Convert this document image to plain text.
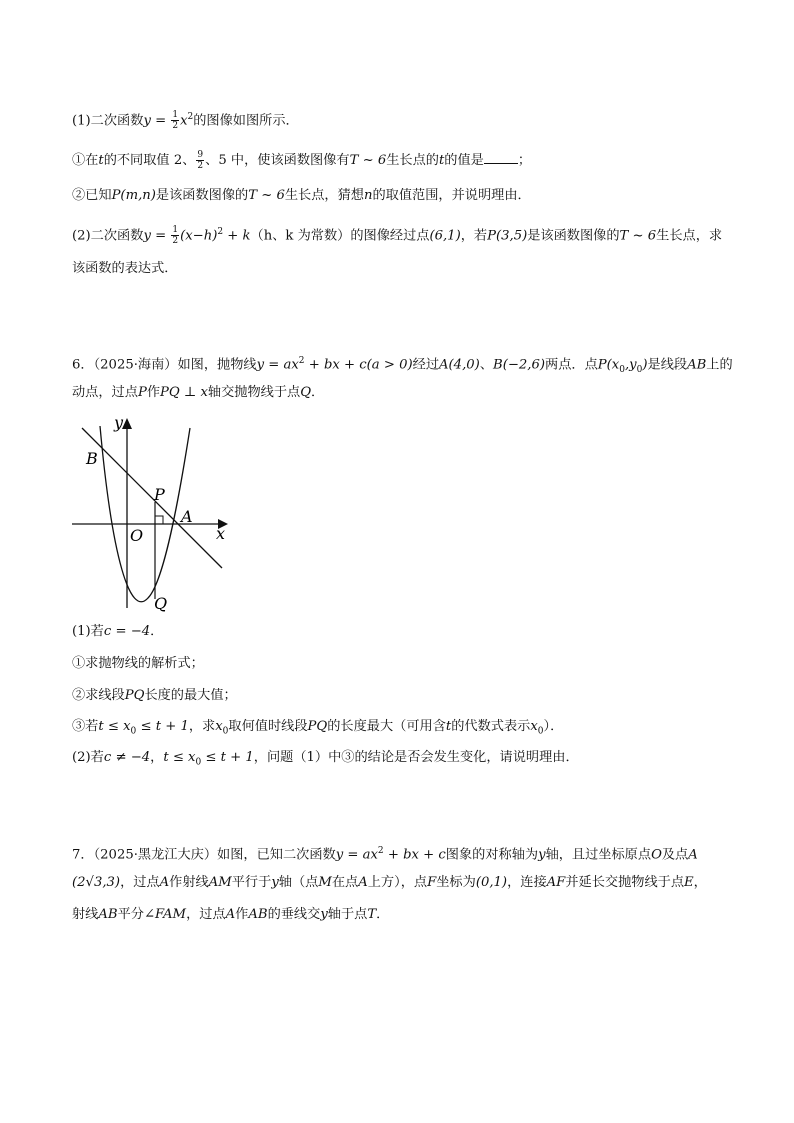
(1)二次函数$y = \frac{1}{2} x^2$的图像如图所示．
①在t的不同取值 2、 $\frac{9}{2}$ 、5 中，使该函数图像有T ~ 6生长点的t的值是	；
②已知P(m,n)是该函数图像的T ~ 6生长点，猜想n的取值范围，并说明理由．
(2)二次函数$y = \frac{1}{2} (x-h)^2 + k(h$、k 为常数）的图像经过点(6,1)，若P(3,5)是该函数图像的T ~ 6生长点，求
该函数的表达式．
6．（2025·海南）如图，抛物线$y = ax^2$ + bx + c(a > 0)经过A(4,0)、B(−2,6)两点．点$P(x_0,y_0)$是线段AB上的
动点，过点P作PQ ⊥ x轴交抛物线于点Q．
y
x
B
P
A
O
Q
(1)若c = −4．
①求抛物线的解析式；
②求线段PQ长度的最大值；
③若$t \le x_0 \le t + 1$，求$x_0$取何值时线段PQ的长度最大（可用含t的代数式表示$x_0$）．
(2)若c ≠ −4，$t \le x_0 \le t + 1$，问题（1）中③的结论是否会发生变化，请说明理由．
7．（2025·黑龙江大庆）如图，已知二次函数$y = ax^2$ + bx + c图象的对称轴为y轴，且过坐标原点O及点A
(2√3,3)，过点A作射线AM平行于y轴（点M在点A上方），点F坐标为(0,1)，连接AF并延长交抛物线于点E，
射线AB平分∠FAM，过点A作AB的垂线交y轴于点T．
